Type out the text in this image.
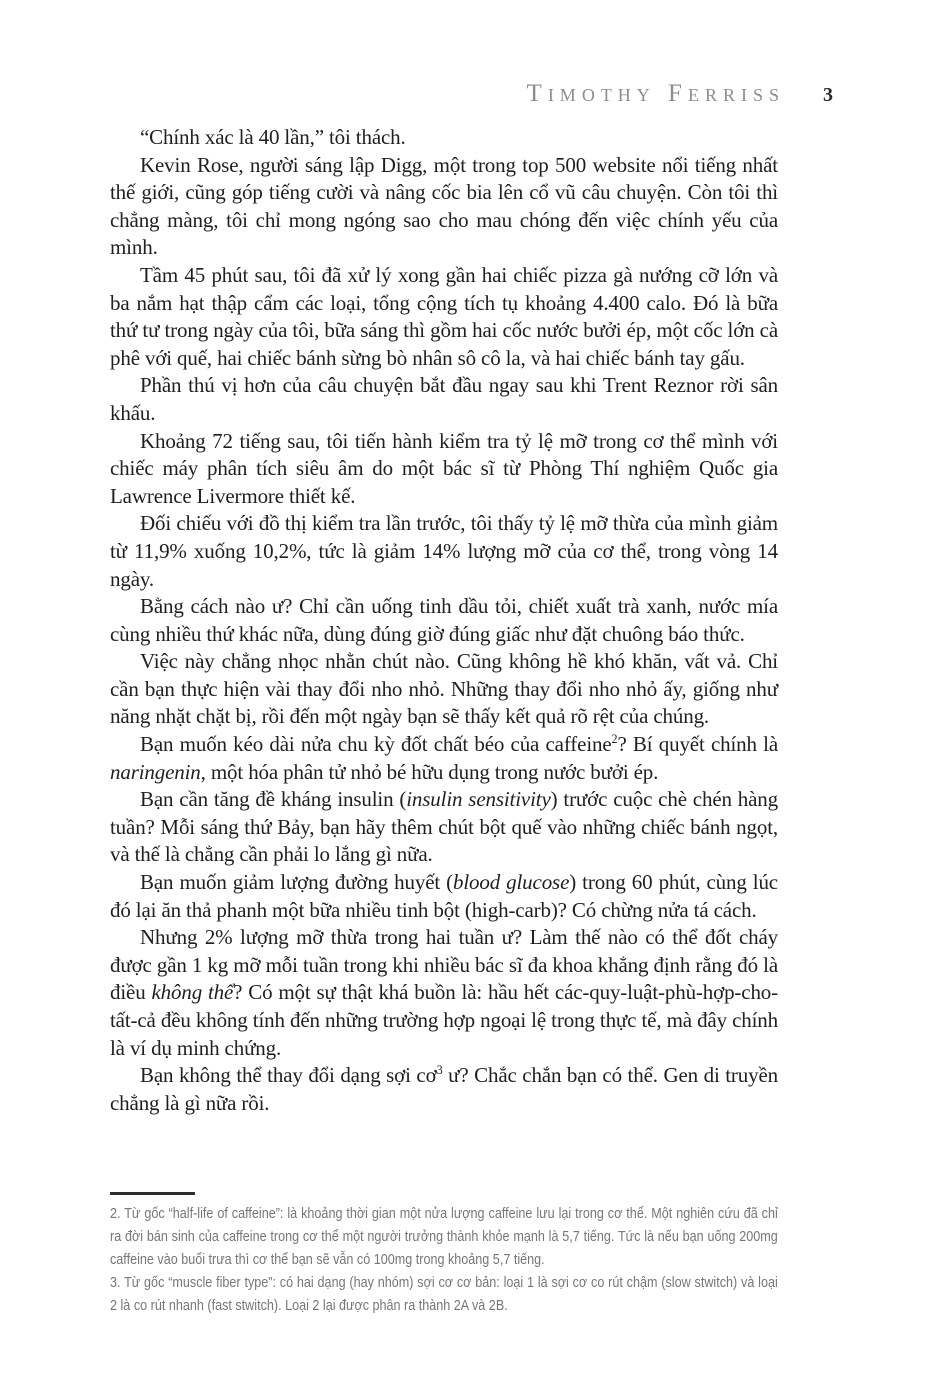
Timothy Ferriss 3

“Chính xác là 40 lần,” tôi thách.

Kevin Rose, người sáng lập Digg, một trong top 500 website nổi tiếng nhất thế giới, cũng góp tiếng cười và nâng cốc bia lên cổ vũ câu chuyện. Còn tôi thì chẳng màng, tôi chỉ mong ngóng sao cho mau chóng đến việc chính yếu của mình.

Tầm 45 phút sau, tôi đã xử lý xong gần hai chiếc pizza gà nướng cỡ lớn và ba nắm hạt thập cẩm các loại, tổng cộng tích tụ khoảng 4.400 calo. Đó là bữa thứ tư trong ngày của tôi, bữa sáng thì gồm hai cốc nước bưởi ép, một cốc lớn cà phê với quế, hai chiếc bánh sừng bò nhân sô cô la, và hai chiếc bánh tay gấu.

Phần thú vị hơn của câu chuyện bắt đầu ngay sau khi Trent Reznor rời sân khấu.

Khoảng 72 tiếng sau, tôi tiến hành kiểm tra tỷ lệ mỡ trong cơ thể mình với chiếc máy phân tích siêu âm do một bác sĩ từ Phòng Thí nghiệm Quốc gia Lawrence Livermore thiết kế.

Đối chiếu với đồ thị kiểm tra lần trước, tôi thấy tỷ lệ mỡ thừa của mình giảm từ 11,9% xuống 10,2%, tức là giảm 14% lượng mỡ của cơ thể, trong vòng 14 ngày.

Bằng cách nào ư? Chỉ cần uống tinh dầu tỏi, chiết xuất trà xanh, nước mía cùng nhiều thứ khác nữa, dùng đúng giờ đúng giấc như đặt chuông báo thức.

Việc này chẳng nhọc nhằn chút nào. Cũng không hề khó khăn, vất vả. Chỉ cần bạn thực hiện vài thay đổi nho nhỏ. Những thay đổi nho nhỏ ấy, giống như năng nhặt chặt bị, rồi đến một ngày bạn sẽ thấy kết quả rõ rệt của chúng.

Bạn muốn kéo dài nửa chu kỳ đốt chất béo của caffeine$^2$? Bí quyết chính là naringenin, một hóa phân tử nhỏ bé hữu dụng trong nước bưởi ép.

Bạn cần tăng đề kháng insulin (insulin sensitivity) trước cuộc chè chén hàng tuần? Mỗi sáng thứ Bảy, bạn hãy thêm chút bột quế vào những chiếc bánh ngọt, và thế là chẳng cần phải lo lắng gì nữa.

Bạn muốn giảm lượng đường huyết (blood glucose) trong 60 phút, cùng lúc đó lại ăn thả phanh một bữa nhiều tinh bột (high-carb)? Có chừng nửa tá cách.

Nhưng 2% lượng mỡ thừa trong hai tuần ư? Làm thế nào có thể đốt cháy được gần 1 kg mỡ mỗi tuần trong khi nhiều bác sĩ đa khoa khẳng định rằng đó là điều không thể? Có một sự thật khá buồn là: hầu hết các-quy-luật-phù-hợp-cho-tất-cả đều không tính đến những trường hợp ngoại lệ trong thực tế, mà đây chính là ví dụ minh chứng.

Bạn không thể thay đổi dạng sợi $cơ^3$ ư? Chắc chắn bạn có thể. Gen di truyền chẳng là gì nữa rồi.

2. Từ gốc “half-life of caffeine”: là khoảng thời gian một nửa lượng caffeine lưu lại trong cơ thể. Một nghiên cứu đã chỉ ra đời bán sinh của caffeine trong cơ thể một người trưởng thành khỏe mạnh là 5,7 tiếng. Tức là nếu bạn uống 200mg caffeine vào buổi trưa thì cơ thể bạn sẽ vẫn có 100mg trong khoảng 5,7 tiếng.

3. Từ gốc “muscle fiber type”: có hai dạng (hay nhóm) sợi cơ cơ bản: loại 1 là sợi cơ co rút chậm (slow stwitch) và loại 2 là co rút nhanh (fast stwitch). Loại 2 lại được phân ra thành 2A và 2B.
